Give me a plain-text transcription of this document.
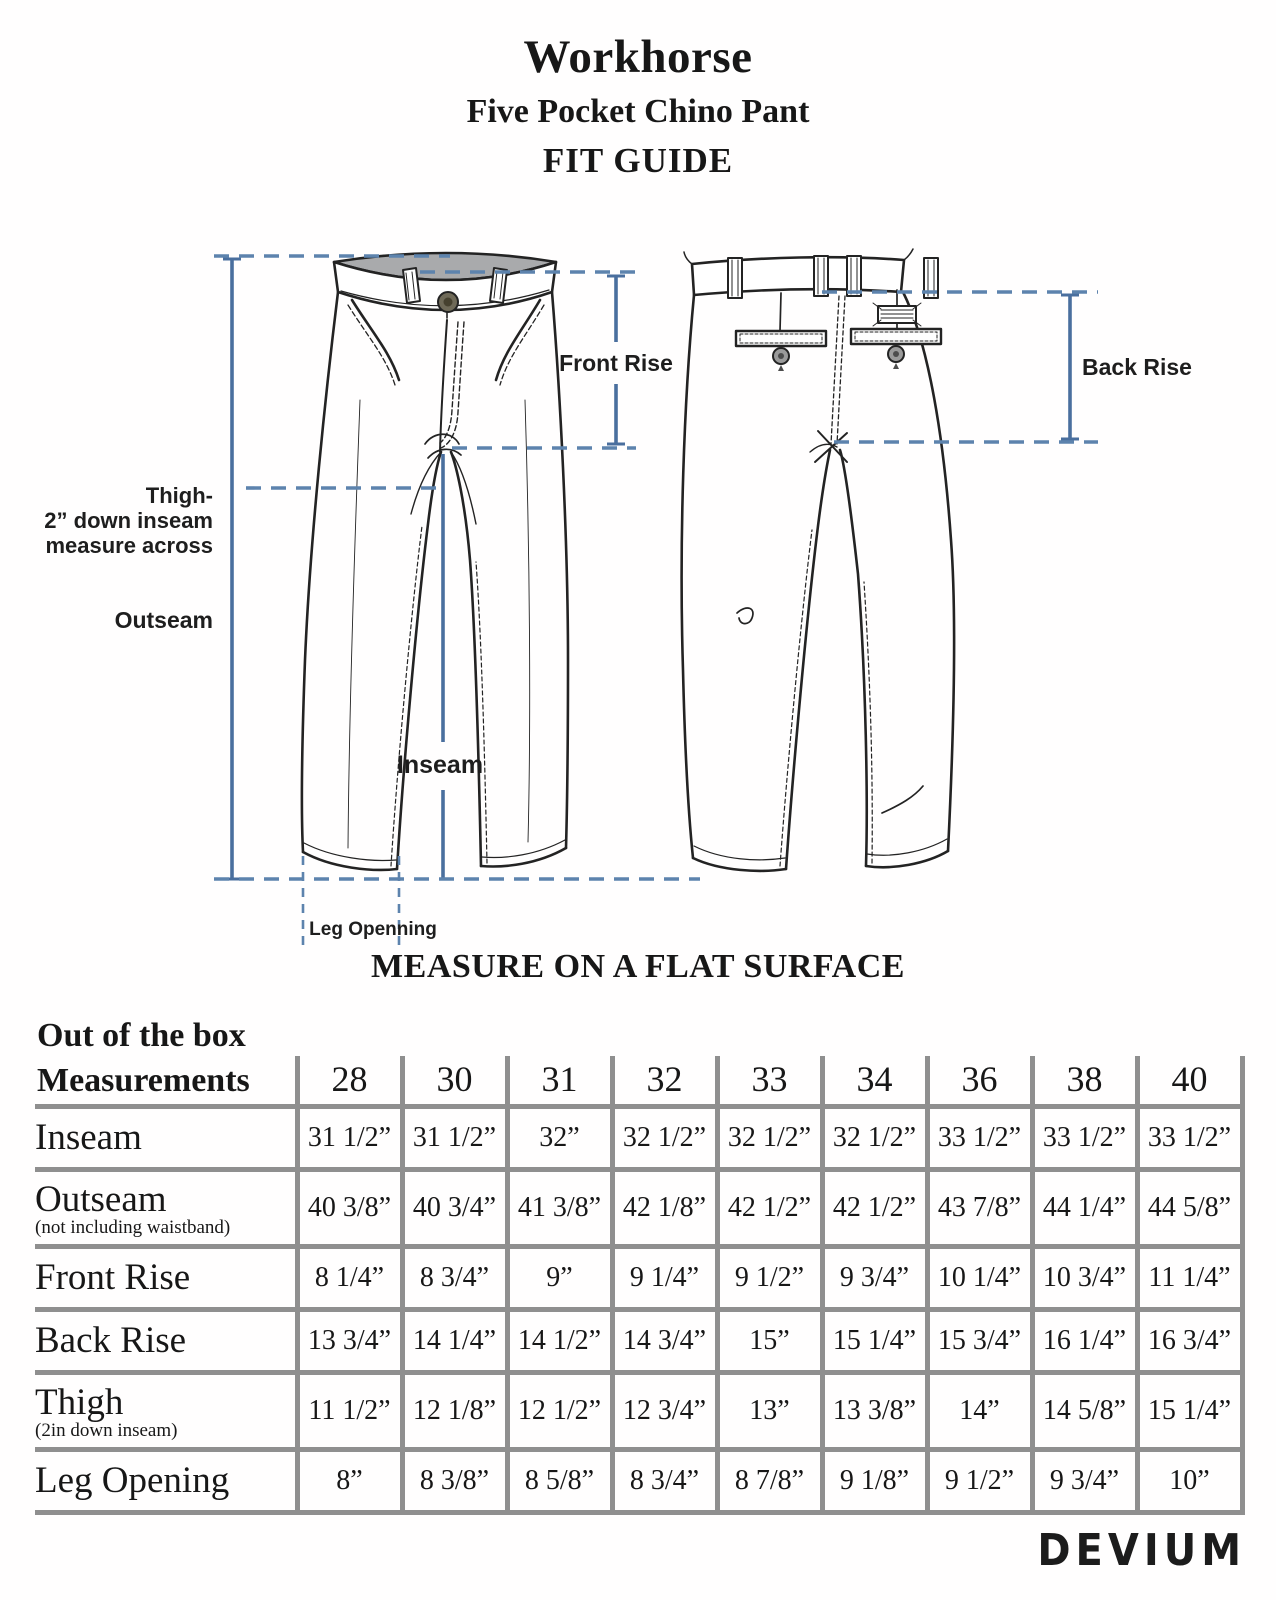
Workhorse
Five Pocket Chino Pant
FIT GUIDE
Front Rise	Back Rise
Thigh-
2” down inseam
measure across
Outseam
Inseam
Leg Openning
MEASURE ON A FLAT SURFACE
Out of the box
Measurements	28	30	31	32	33	34	36	38	40
Inseam	31 1/2”	31 1/2”	32”	32 1/2”	32 1/2”	32 1/2”	33 1/2”	33 1/2”	33 1/2”
Outseam
(not including waistband)	40 3/8”	40 3/4”	41 3/8”	42 1/8”	42 1/2”	42 1/2”	43 7/8”	44 1/4”	44 5/8”
Front Rise	8 1/4”	8 3/4”	9”	9 1/4”	9 1/2”	9 3/4”	10 1/4”	10 3/4”	11 1/4”
Back Rise	13 3/4”	14 1/4”	14 1/2”	14 3/4”	15”	15 1/4”	15 3/4”	16 1/4”	16 3/4”
Thigh
(2in down inseam)	11 1/2”	12 1/8”	12 1/2”	12 3/4”	13”	13 3/8”	14”	14 5/8”	15 1/4”
Leg Opening	8”	8 3/8”	8 5/8”	8 3/4”	8 7/8”	9 1/8”	9 1/2”	9 3/4”	10”
DEVIUM
